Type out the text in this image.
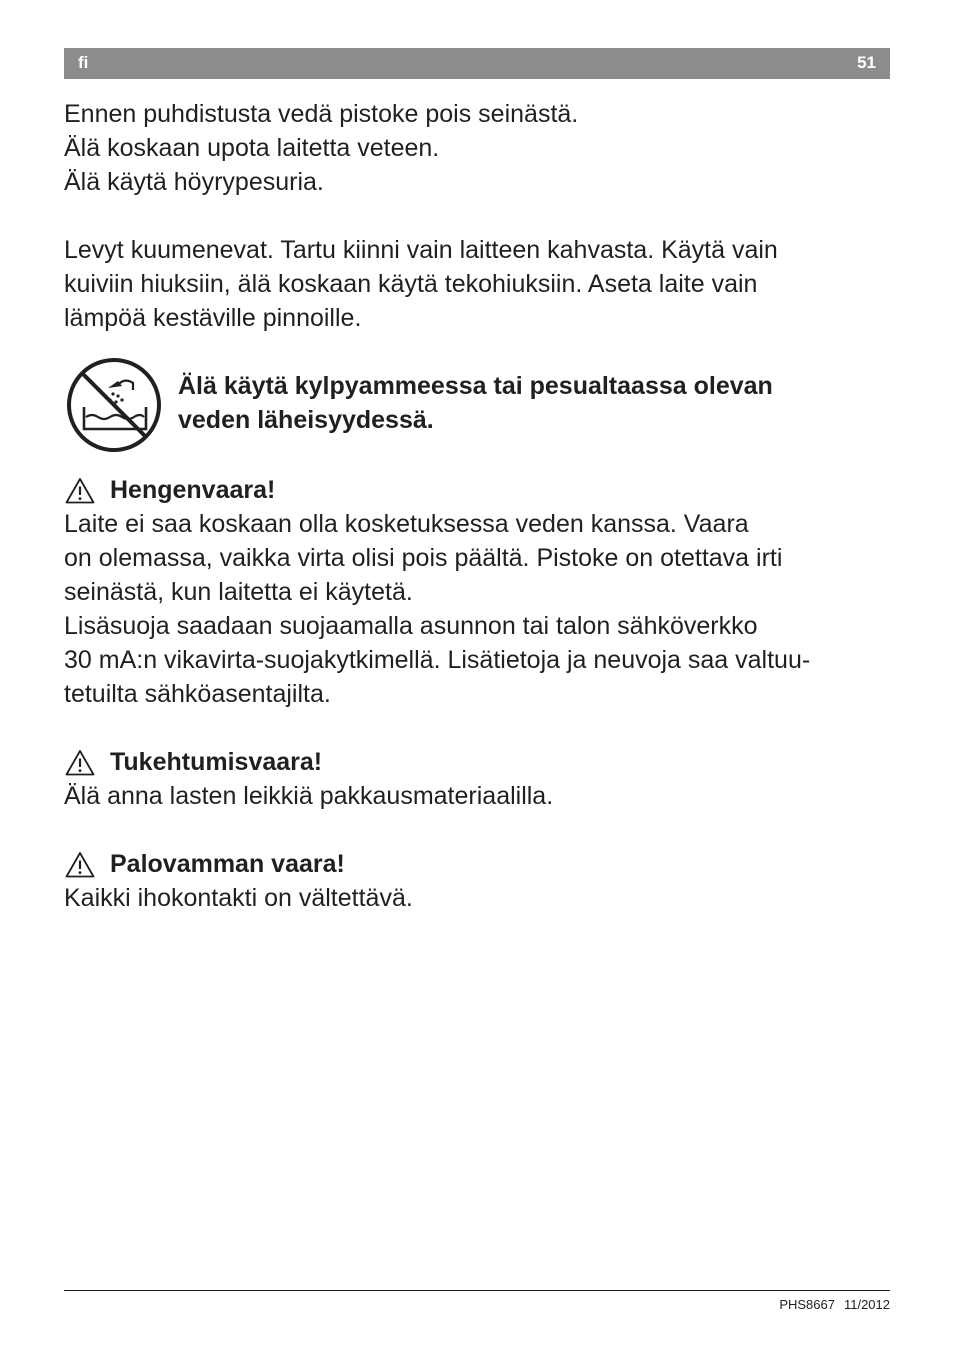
fi	51
Ennen puhdistusta vedä pistoke pois seinästä.
Älä koskaan upota laitetta veteen.
Älä käytä höyrypesuria.
Levyt kuumenevat. Tartu kiinni vain laitteen kahvasta. Käytä vain
kuiviin hiuksiin, älä koskaan käytä tekohiuksiin. Aseta laite vain
lämpöä kestäville pinnoille.
Älä käytä kylpyammeessa tai pesualtaassa olevan
veden läheisyydessä.
Hengenvaara!
Laite ei saa koskaan olla kosketuksessa veden kanssa. Vaara
on olemassa, vaikka virta olisi pois päältä. Pistoke on otettava irti
seinästä, kun laitetta ei käytetä.
Lisäsuoja saadaan suojaamalla asunnon tai talon sähköverkko
30 mA:n vikavirta-suojakytkimellä. Lisätietoja ja neuvoja saa valtuu-
tetuilta sähköasentajilta.
Tukehtumisvaara!
Älä anna lasten leikkiä pakkausmateriaalilla.
Palovamman vaara!
Kaikki ihokontakti on vältettävä.
PHS8667 11/2012
